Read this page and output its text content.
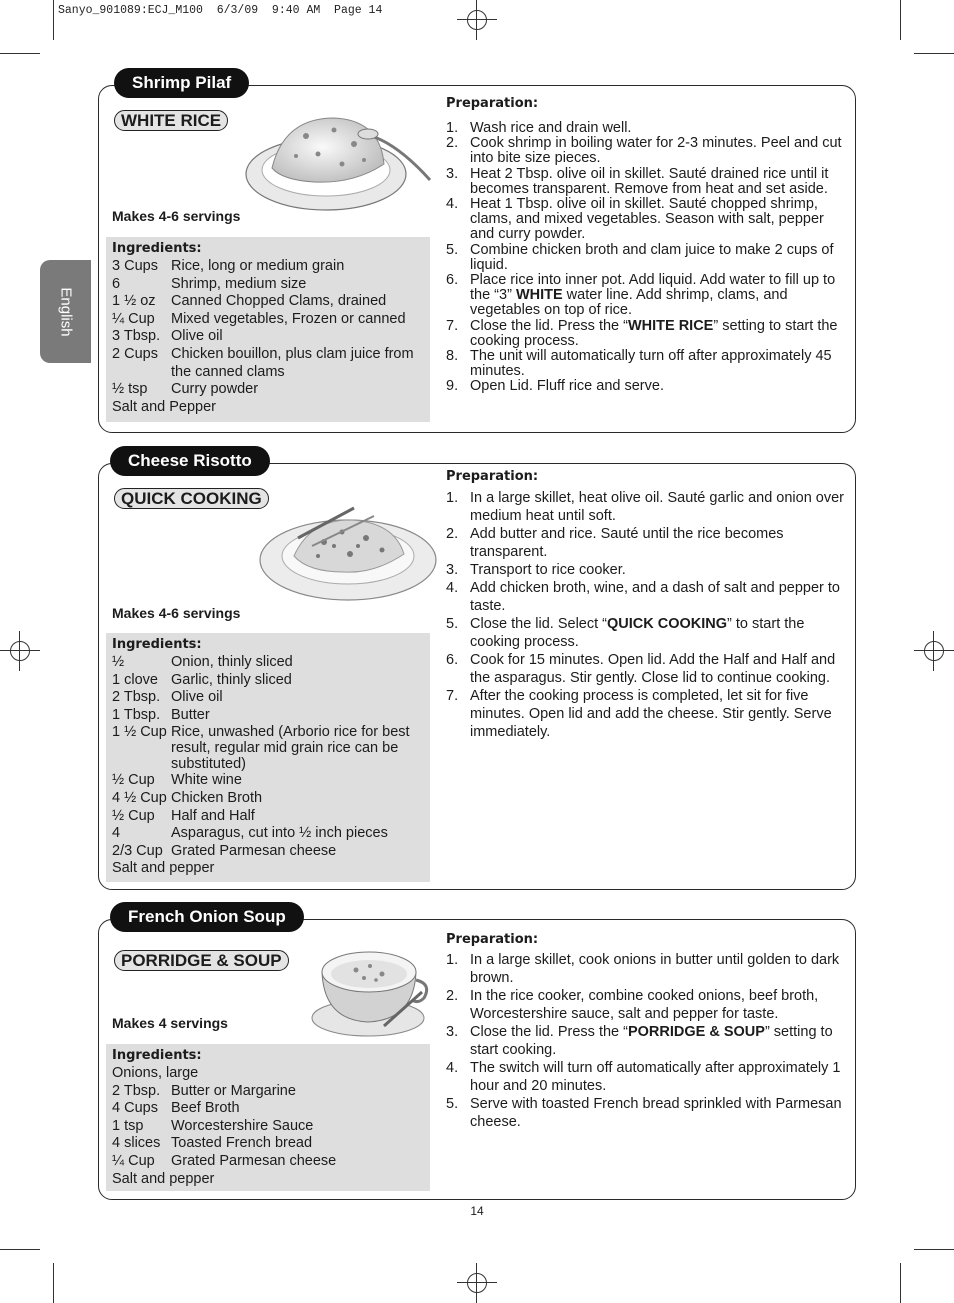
Sanyo_901089:ECJ_M100  6/3/09  9:40 AM  Page 14
English
Shrimp Pilaf
WHITE RICE
Makes 4-6 servings
Ingredients:
3 Cups Rice, long or medium grain
6	Shrimp, medium size
1 ½ oz	Canned Chopped Clams, drained
¼ Cup	Mixed vegetables, Frozen or canned
3 Tbsp. Olive oil
2 Cups Chicken bouillon, plus clam juice from the canned clams
½ tsp	Curry powder
Salt and Pepper
Preparation:
1. Wash rice and drain well.
2. Cook shrimp in boiling water for 2-3 minutes. Peel and cut into bite size pieces.
3. Heat 2 Tbsp. olive oil in skillet. Sauté drained rice until it becomes transparent. Remove from heat and set aside.
4. Heat 1 Tbsp. olive oil in skillet. Sauté chopped shrimp, clams, and mixed vegetables. Season with salt, pepper and curry powder.
5. Combine chicken broth and clam juice to make 2 cups of liquid.
6. Place rice into inner pot. Add liquid. Add water to fill up to the “3” WHITE water line. Add shrimp, clams, and vegetables on top of rice.
7. Close the lid. Press the “WHITE RICE” setting to start the cooking process.
8. The unit will automatically turn off after approximately 45 minutes.
9. Open Lid. Fluff rice and serve.
Cheese Risotto
QUICK COOKING
Makes 4-6 servings
Ingredients:
½	Onion, thinly sliced
1 clove Garlic, thinly sliced
2 Tbsp. Olive oil
1 Tbsp. Butter
1 ½ Cup Rice, unwashed (Arborio rice for best result, regular mid grain rice can be substituted)
½ Cup	White wine
4 ½ Cup Chicken Broth
½ Cup	Half and Half
4	Asparagus, cut into ½ inch pieces
2/3 Cup Grated Parmesan cheese
Salt and pepper
Preparation:
1. In a large skillet, heat olive oil. Sauté garlic and onion over medium heat until soft.
2. Add butter and rice. Sauté until the rice becomes transparent.
3. Transport to rice cooker.
4. Add chicken broth, wine, and a dash of salt and pepper to taste.
5. Close the lid. Select “QUICK COOKING” to start the cooking process.
6. Cook for 15 minutes. Open lid. Add the Half and Half and the asparagus. Stir gently. Close lid to continue cooking.
7. After the cooking process is completed, let sit for five minutes. Open lid and add the cheese. Stir gently. Serve immediately.
French Onion Soup
PORRIDGE & SOUP
Makes 4 servings
Ingredients:
Onions, large
2 Tbsp. Butter or Margarine
4 Cups Beef Broth
1 tsp	Worcestershire Sauce
4 slices Toasted French bread
¼ Cup	Grated Parmesan cheese
Salt and pepper
Preparation:
1. In a large skillet, cook onions in butter until golden to dark brown.
2. In the rice cooker, combine cooked onions, beef broth, Worcestershire sauce, salt and pepper for taste.
3. Close the lid. Press the “PORRIDGE & SOUP” setting to start cooking.
4. The switch will turn off automatically after approximately 1 hour and 20 minutes.
5. Serve with toasted French bread sprinkled with Parmesan cheese.
14
